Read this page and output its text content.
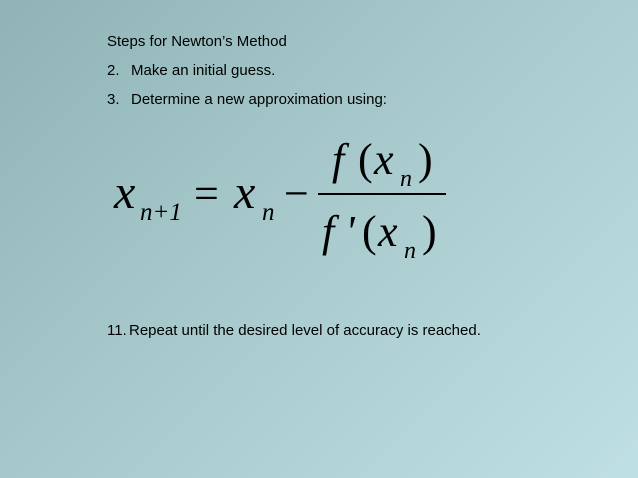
Steps for Newton’s Method
2. Make an initial guess.
3. Determine a new approximation using:
x n+1 = x n −
f ( x n )
f ' ( x n )
11. Repeat until the desired level of accuracy is reached.
